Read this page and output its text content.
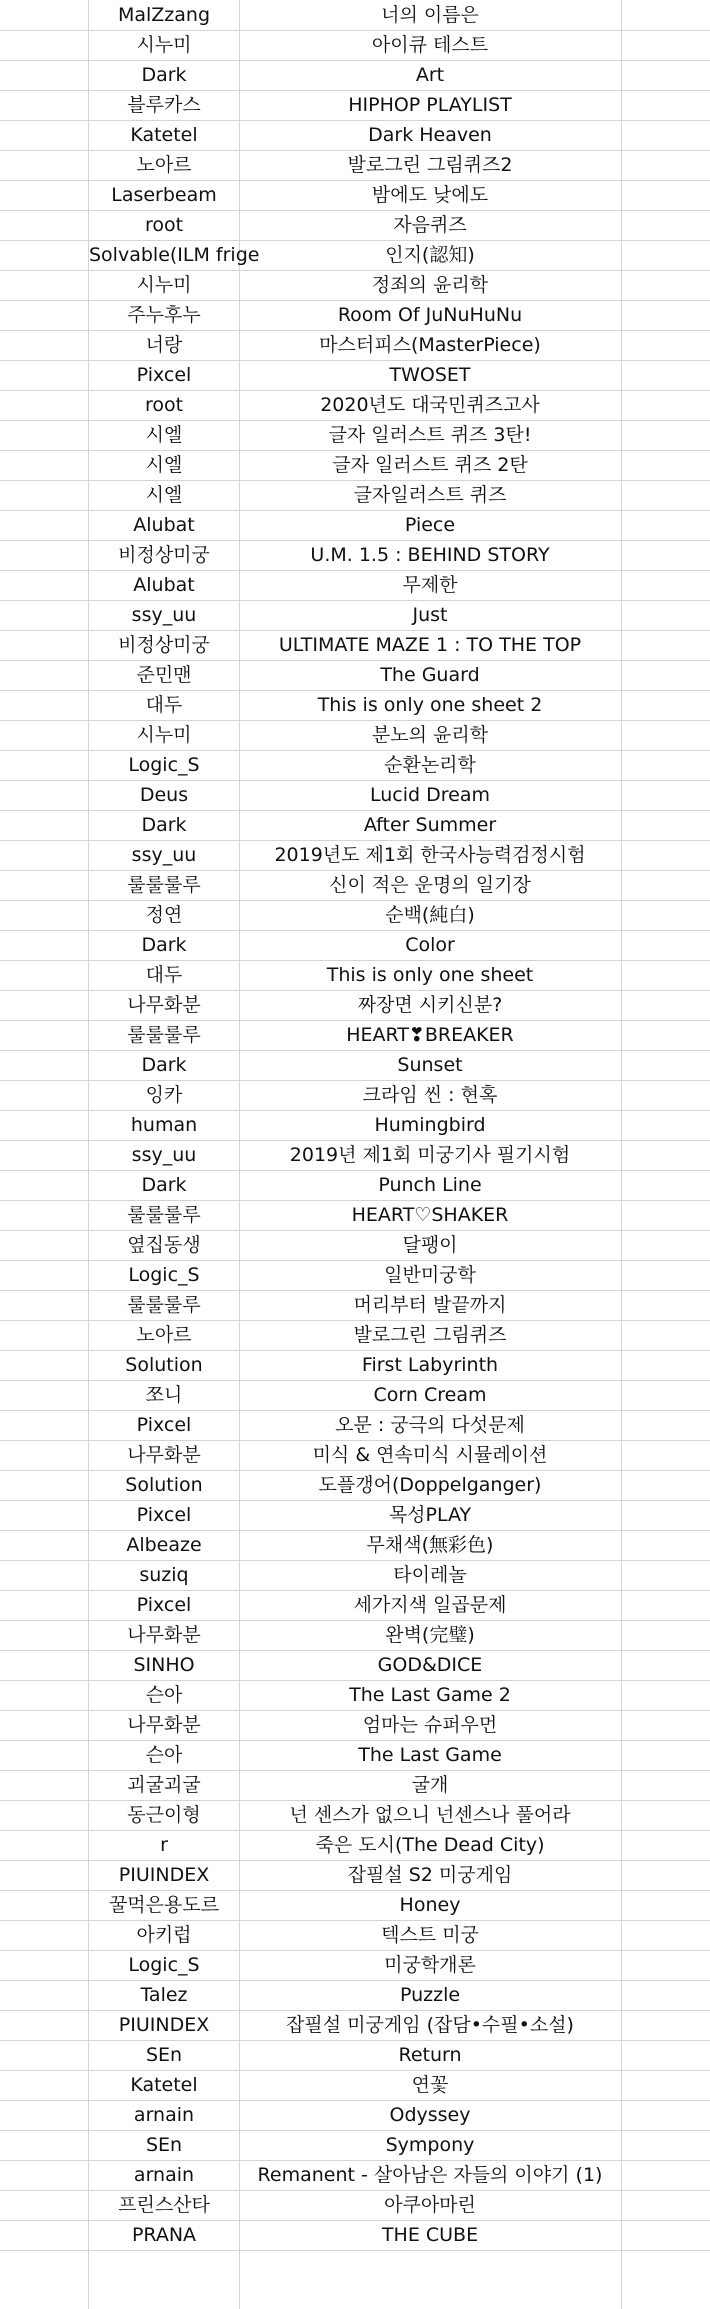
MalZzang	너의 이름은
시누미	아이큐 테스트
Dark	Art
블루카스	HIPHOP PLAYLIST
Katetel	Dark Heaven
노아르	발로그린 그림퀴즈2
Laserbeam	밤에도 낮에도
root	자음퀴즈
Solvable(ILM frige	인지(認知)
시누미	정죄의 윤리학
주누후누	Room Of JuNuHuNu
너랑	마스터피스(MasterPiece)
Pixcel	TWOSET
root	2020년도 대국민퀴즈고사
시엘	글자 일러스트 퀴즈 3탄!
시엘	글자 일러스트 퀴즈 2탄
시엘	글자일러스트 퀴즈
Alubat	Piece
비정상미궁	U.M. 1.5 : BEHIND STORY
Alubat	무제한
ssy_uu	Just
비정상미궁	ULTIMATE MAZE 1 : TO THE TOP
준민맨	The Guard
대두	This is only one sheet 2
시누미	분노의 윤리학
Logic_S	순환논리학
Deus	Lucid Dream
Dark	After Summer
ssy_uu	2019년도 제1회 한국사능력검정시험
룰룰룰루	신이 적은 운명의 일기장
정연	순백(純白)
Dark	Color
대두	This is only one sheet
나무화분	짜장면 시키신분?
룰룰룰루	HEART❣BREAKER
Dark	Sunset
잉카	크라임 씬 : 현혹
human	Humingbird
ssy_uu	2019년 제1회 미궁기사 필기시험
Dark	Punch Line
룰룰룰루	HEART♡SHAKER
옆집동생	달팽이
Logic_S	일반미궁학
룰룰룰루	머리부터 발끝까지
노아르	발로그린 그림퀴즈
Solution	First Labyrinth
쪼니	Corn Cream
Pixcel	오문 : 궁극의 다섯문제
나무화분	미식 & 연속미식 시뮬레이션
Solution	도플갱어(Doppelganger)
Pixcel	목성PLAY
Albeaze	무채색(無彩色)
suziq	타이레놀
Pixcel	세가지색 일곱문제
나무화분	완벽(完璧)
SINHO	GOD&DICE
슨아	The Last Game 2
나무화분	엄마는 슈퍼우먼
슨아	The Last Game
괴굴괴굴	굴개
동근이형	넌 센스가 없으니 넌센스나 풀어라
r	죽은 도시(The Dead City)
PIUINDEX	잡필설 S2 미궁게임
꿀먹은용도르	Honey
아키럽	텍스트 미궁
Logic_S	미궁학개론
Talez	Puzzle
PIUINDEX	잡필설 미궁게임 (잡담•수필•소설)
SEn	Return
Katetel	연꽃
arnain	Odyssey
SEn	Sympony
arnain	Remanent - 살아남은 자들의 이야기 (1)
프린스산타	아쿠아마린
PRANA	THE CUBE
